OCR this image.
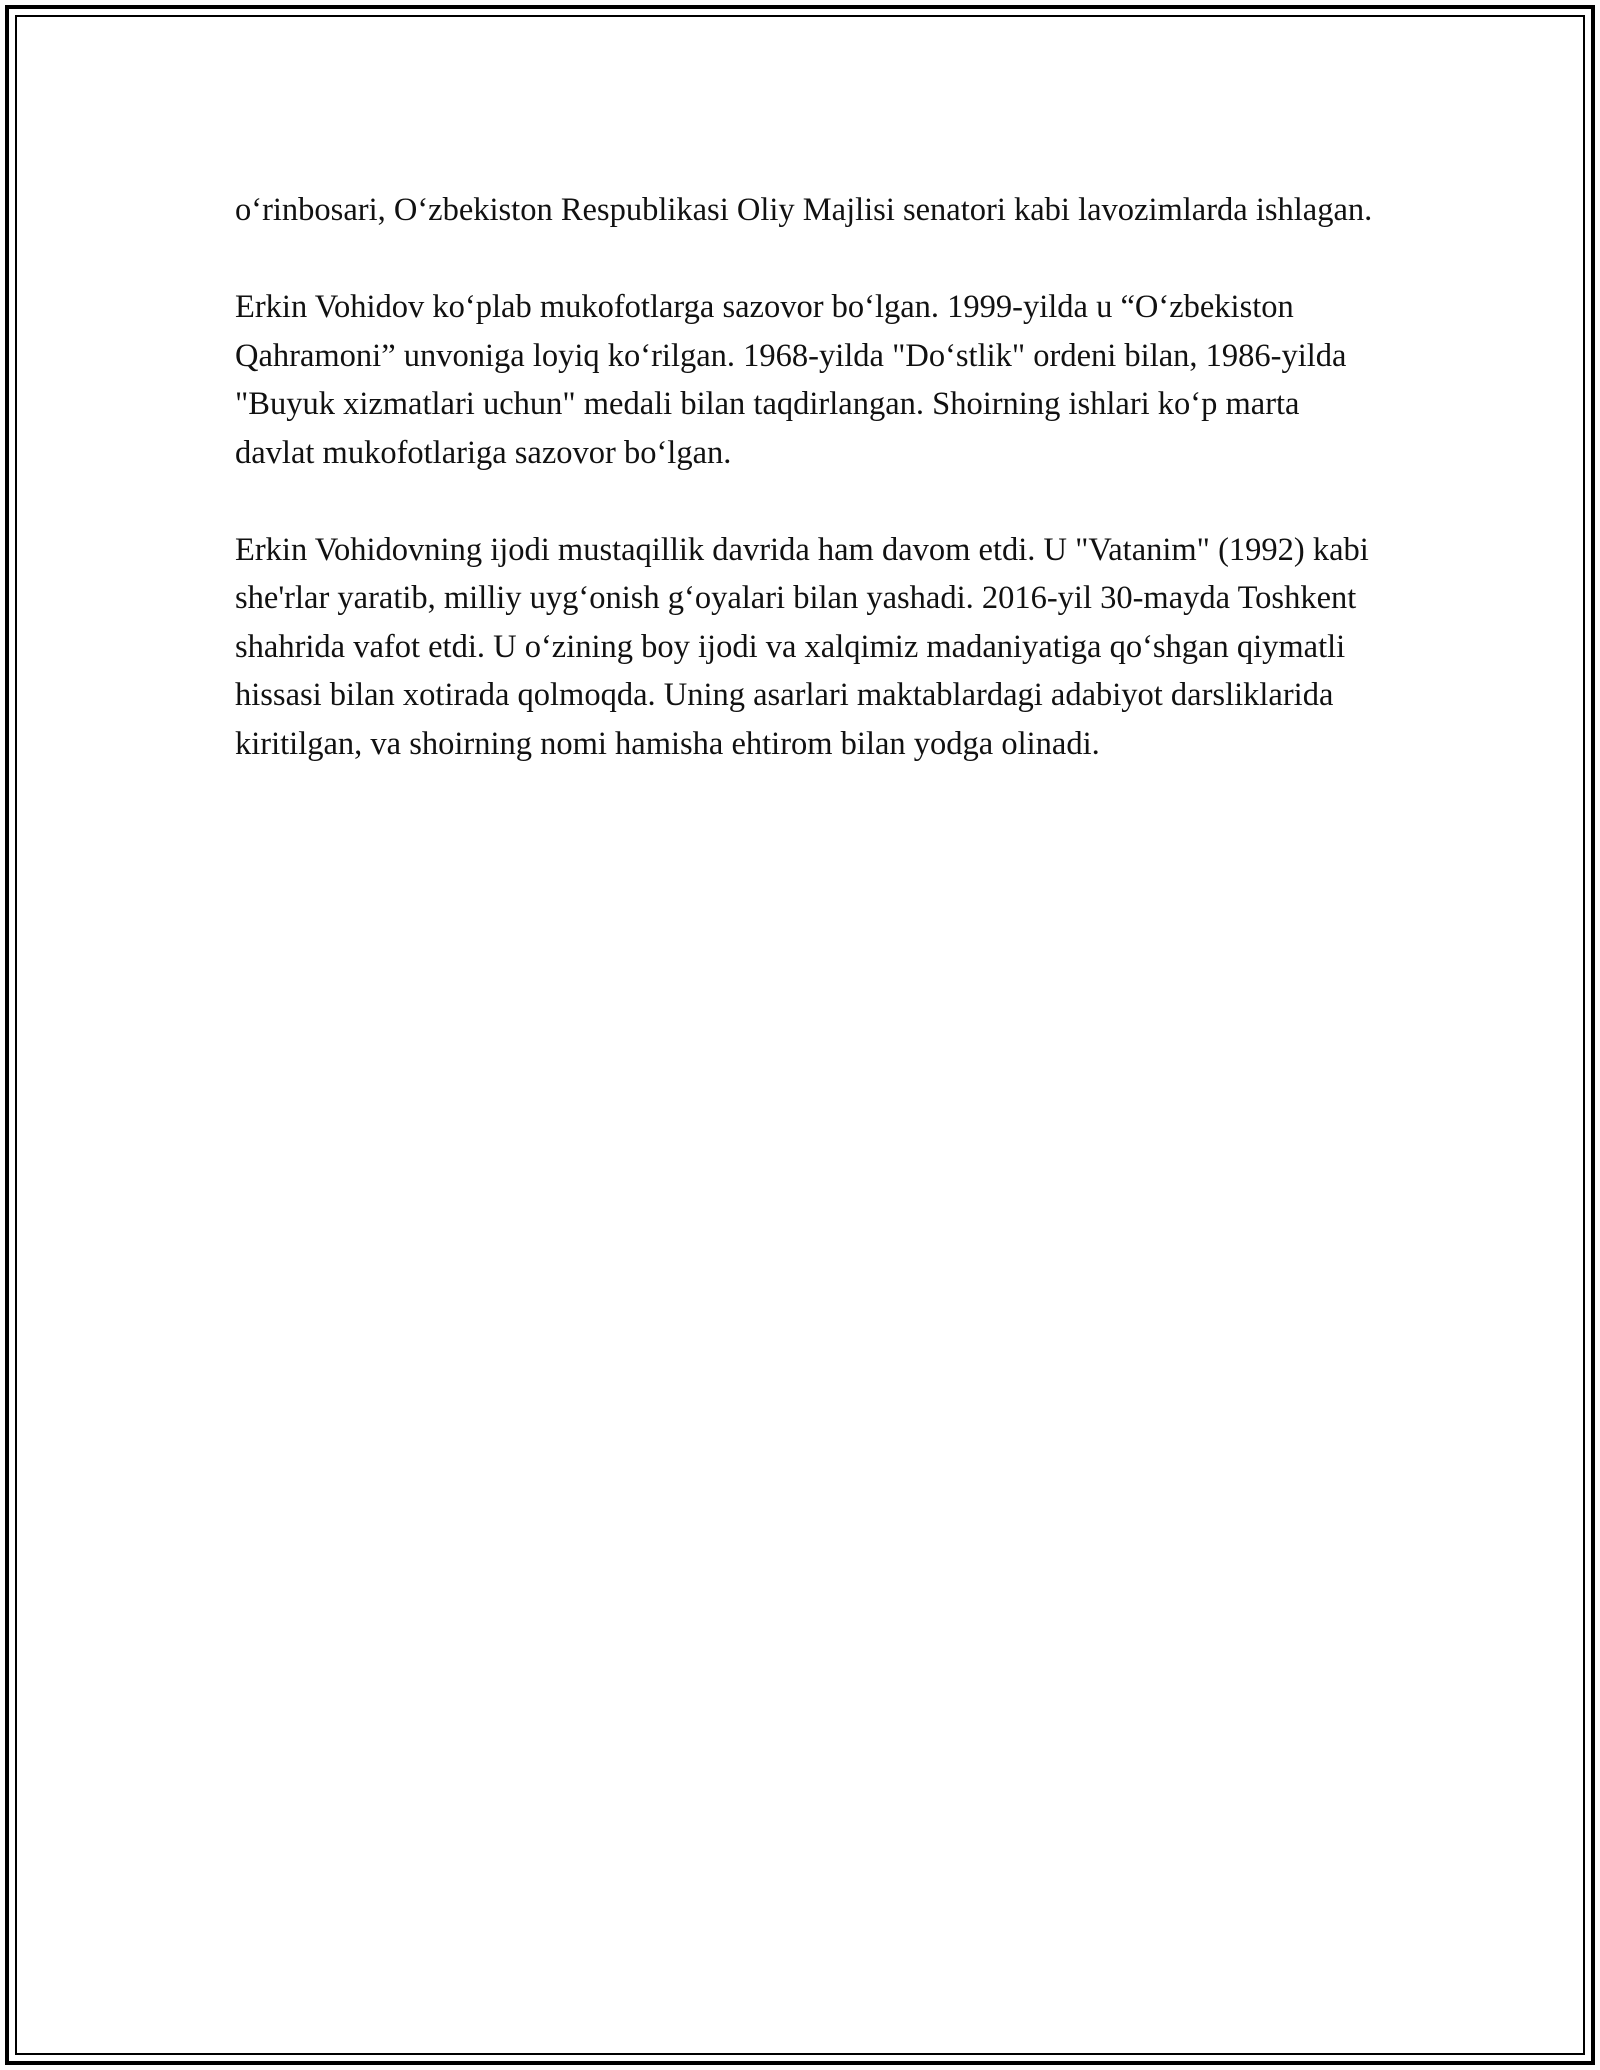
o‘rinbosari, O‘zbekiston Respublikasi Oliy Majlisi senatori kabi lavozimlarda ishlagan.

Erkin Vohidov ko‘plab mukofotlarga sazovor bo‘lgan. 1999-yilda u “O‘zbekiston Qahramoni” unvoniga loyiq ko‘rilgan. 1968-yilda "Do‘stlik" ordeni bilan, 1986-yilda "Buyuk xizmatlari uchun" medali bilan taqdirlangan. Shoirning ishlari ko‘p marta davlat mukofotlariga sazovor bo‘lgan.

Erkin Vohidovning ijodi mustaqillik davrida ham davom etdi. U "Vatanim" (1992) kabi she'rlar yaratib, milliy uyg‘onish g‘oyalari bilan yashadi. 2016-yil 30-mayda Toshkent shahrida vafot etdi. U o‘zining boy ijodi va xalqimiz madaniyatiga qo‘shgan qiymatli hissasi bilan xotirada qolmoqda. Uning asarlari maktablardagi adabiyot darsliklarida kiritilgan, va shoirning nomi hamisha ehtirom bilan yodga olinadi.
